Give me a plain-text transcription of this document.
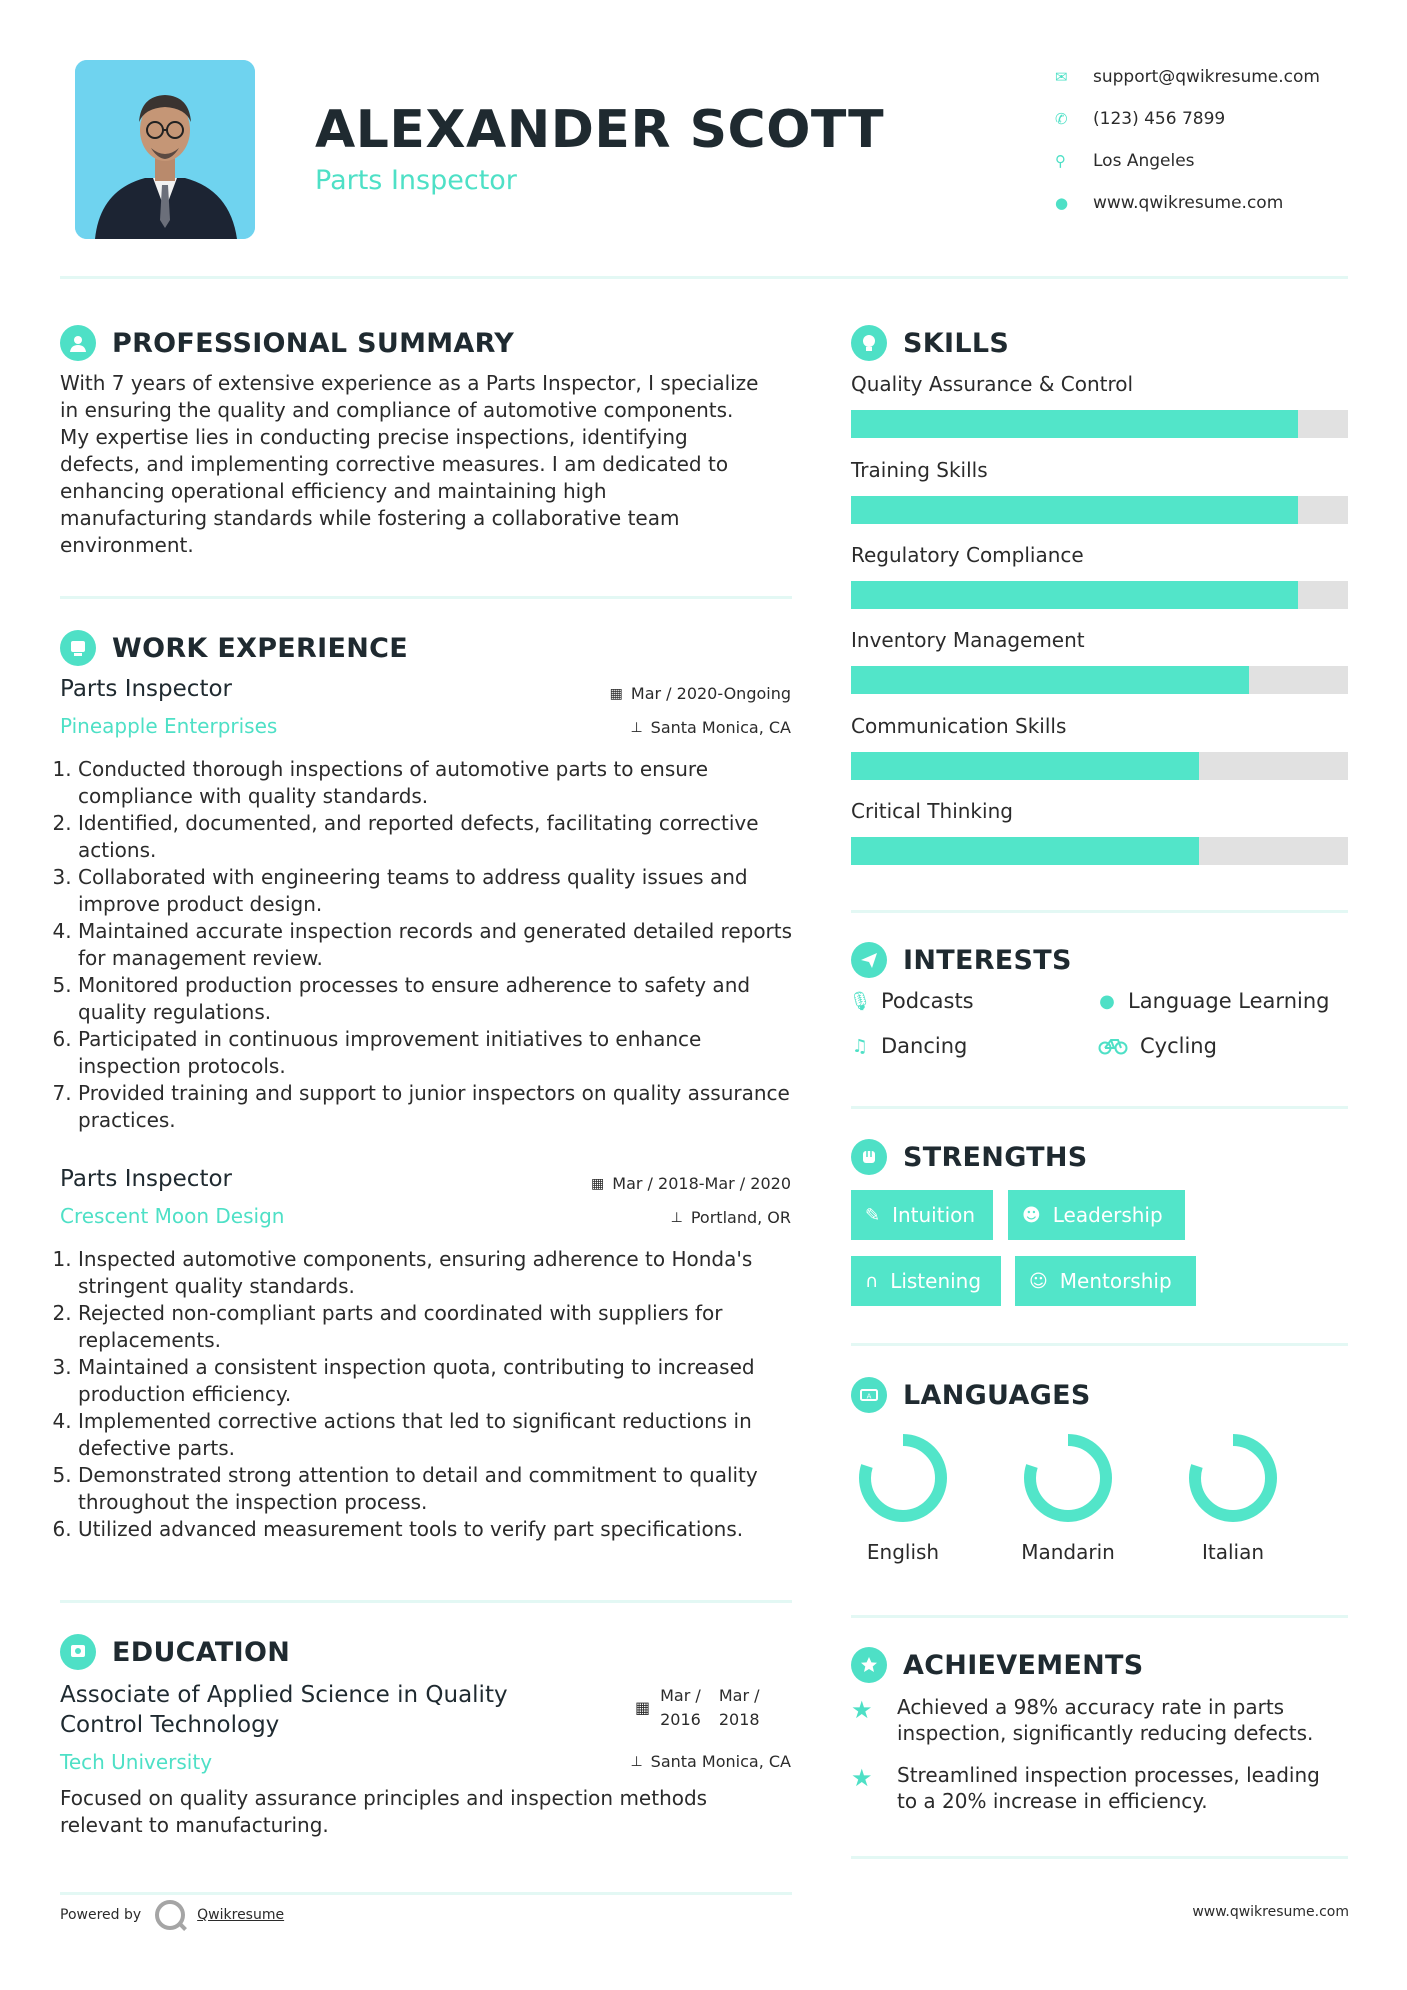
ALEXANDER SCOTT
Parts Inspector
✉	support@qwikresume.com
✆	(123) 456 7899
⚲	Los Angeles
●	www.qwikresume.com
PROFESSIONAL SUMMARY
With 7 years of extensive experience as a Parts Inspector, I specialize
in ensuring the quality and compliance of automotive components.
My expertise lies in conducting precise inspections, identifying
defects, and implementing corrective measures. I am dedicated to
enhancing operational efficiency and maintaining high
manufacturing standards while fostering a collaborative team
environment.
WORK EXPERIENCE
Parts Inspector
Pineapple Enterprises
▦ Mar / 2020-Ongoing
⊥ Santa Monica, CA
1. Conducted thorough inspections of automotive parts to ensure compliance with quality standards.
2. Identified, documented, and reported defects, facilitating corrective actions.
3. Collaborated with engineering teams to address quality issues and improve product design.
4. Maintained accurate inspection records and generated detailed reports for management review.
5. Monitored production processes to ensure adherence to safety and quality regulations.
6. Participated in continuous improvement initiatives to enhance inspection protocols.
7. Provided training and support to junior inspectors on quality assurance practices.
Parts Inspector
Crescent Moon Design
▦ Mar / 2018-Mar / 2020
⊥ Portland, OR
1. Inspected automotive components, ensuring adherence to Honda's stringent quality standards.
2. Rejected non-compliant parts and coordinated with suppliers for replacements.
3. Maintained a consistent inspection quota, contributing to increased production efficiency.
4. Implemented corrective actions that led to significant reductions in defective parts.
5. Demonstrated strong attention to detail and commitment to quality throughout the inspection process.
6. Utilized advanced measurement tools to verify part specifications.
EDUCATION
Associate of Applied Science in Quality
Control Technology
Tech University
▦
Mar /
2016
Mar /
2018
⊥ Santa Monica, CA
Focused on quality assurance principles and inspection methods
relevant to manufacturing.
SKILLS
Quality Assurance & Control
Training Skills
Regulatory Compliance
Inventory Management
Communication Skills
Critical Thinking
INTERESTS
🎙︎ Podcasts	● Language Learning
♫ Dancing	Cycling
STRENGTHS
✎ Intuition	☻ Leadership
∩ Listening	☺ Mentorship
A LANGUAGES
English	Mandarin	Italian
ACHIEVEMENTS
★	Achieved a 98% accuracy rate in parts
inspection, significantly reducing defects.
★	Streamlined inspection processes, leading
to a 20% increase in efficiency.
Powered by	Qwikresume	www.qwikresume.com
